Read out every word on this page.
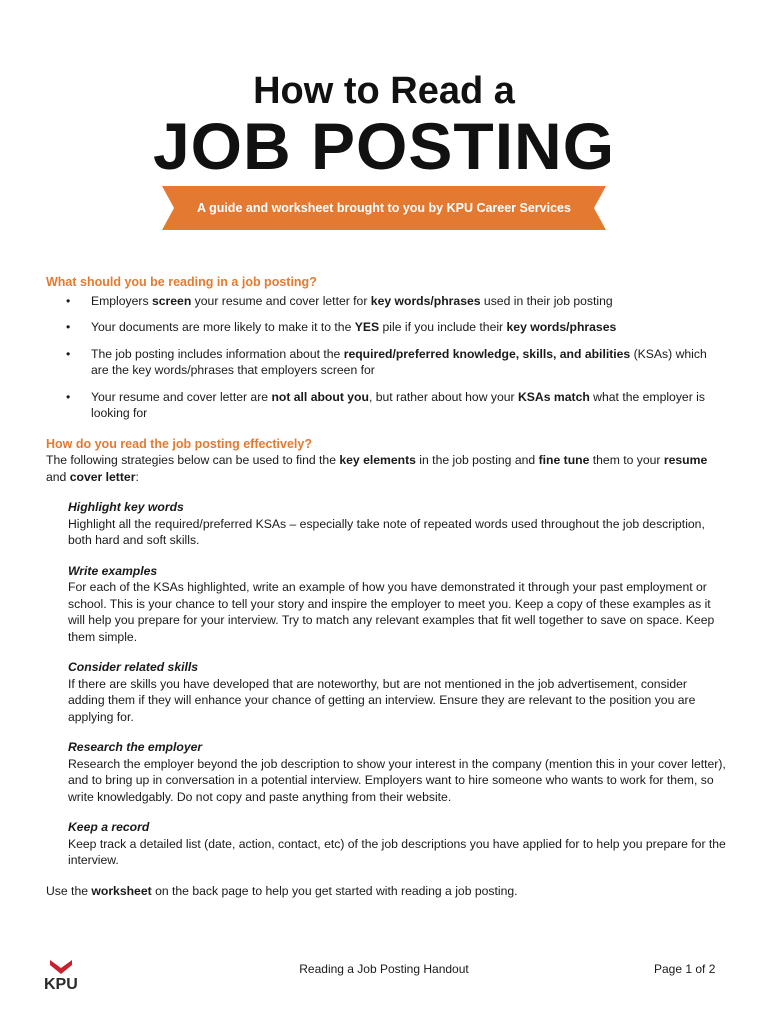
How to Read a
JOB POSTING
A guide and worksheet brought to you by KPU Career Services

What should you be reading in a job posting?

• Employers screen your resume and cover letter for key words/phrases used in their job posting
• Your documents are more likely to make it to the YES pile if you include their key words/phrases
• The job posting includes information about the required/preferred knowledge, skills, and abilities (KSAs) which are the key words/phrases that employers screen for
• Your resume and cover letter are not all about you, but rather about how your KSAs match what the employer is looking for

How do you read the job posting effectively?

The following strategies below can be used to find the key elements in the job posting and fine tune them to your resume and cover letter:

Highlight key words

Highlight all the required/preferred KSAs – especially take note of repeated words used throughout the job description, both hard and soft skills.

Write examples

For each of the KSAs highlighted, write an example of how you have demonstrated it through your past employment or school. This is your chance to tell your story and inspire the employer to meet you. Keep a copy of these examples as it will help you prepare for your interview. Try to match any relevant examples that fit well together to save on space. Keep them simple.

Consider related skills

If there are skills you have developed that are noteworthy, but are not mentioned in the job advertisement, consider adding them if they will enhance your chance of getting an interview. Ensure they are relevant to the position you are applying for.

Research the employer

Research the employer beyond the job description to show your interest in the company (mention this in your cover letter), and to bring up in conversation in a potential interview. Employers want to hire someone who wants to work for them, so write knowledgably. Do not copy and paste anything from their website.

Keep a record

Keep track a detailed list (date, action, contact, etc) of the job descriptions you have applied for to help you prepare for the interview.

Use the worksheet on the back page to help you get started with reading a job posting.

KPU
Reading a Job Posting Handout	Page 1 of 2
